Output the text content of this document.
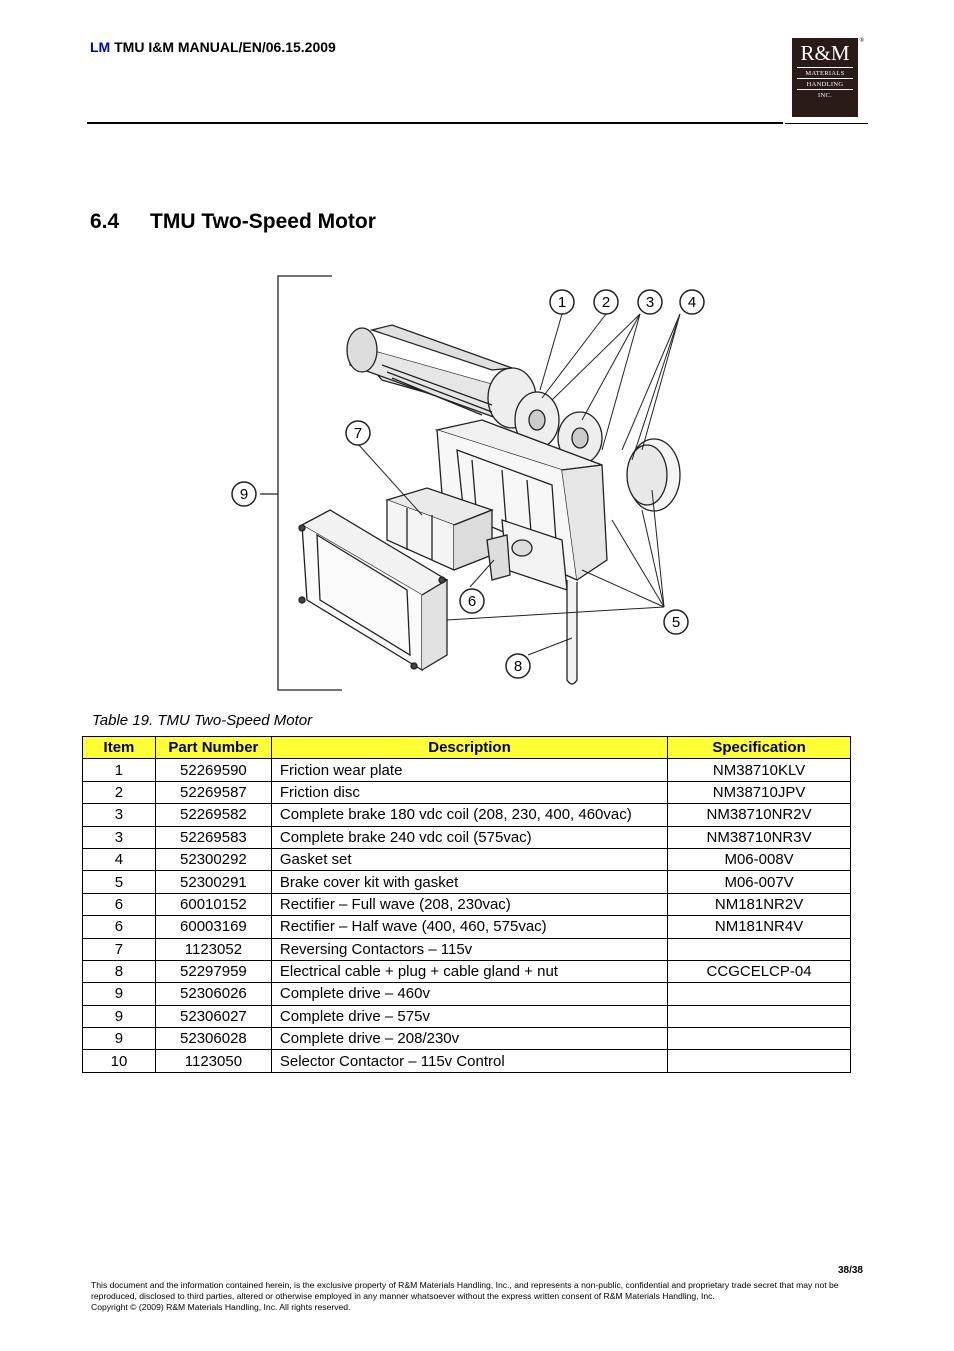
LM TMU I&M MANUAL/EN/06.15.2009	R&M
MATERIALS
HANDLING
INC.
®
6.4 TMU Two-Speed Motor
1 2 3 4
5
6
7
8
9
Table 19. TMU Two-Speed Motor
Item	Part Number	Description	Specification
1	52269590	Friction wear plate	NM38710KLV
2	52269587	Friction disc	NM38710JPV
3	52269582	Complete brake 180 vdc coil (208, 230, 400, 460vac)	NM38710NR2V
3	52269583	Complete brake 240 vdc coil (575vac)	NM38710NR3V
4	52300292	Gasket set	M06-008V
5	52300291	Brake cover kit with gasket	M06-007V
6	60010152	Rectifier – Full wave (208, 230vac)	NM181NR2V
6	60003169	Rectifier – Half wave (400, 460, 575vac)	NM181NR4V
7	1123052	Reversing Contactors – 115v	
8	52297959	Electrical cable + plug + cable gland + nut	CCGCELCP-04
9	52306026	Complete drive – 460v	
9	52306027	Complete drive – 575v	
9	52306028	Complete drive – 208/230v	
10	1123050	Selector Contactor – 115v Control	
38/38
This document and the information contained herein, is the exclusive property of R&M Materials Handling, Inc., and represents a non-public, confidential and proprietary trade secret that may not be reproduced, disclosed to third parties, altered or otherwise employed in any manner whatsoever without the express written consent of R&M Materials Handling, Inc.
Copyright © (2009) R&M Materials Handling, Inc. All rights reserved.
